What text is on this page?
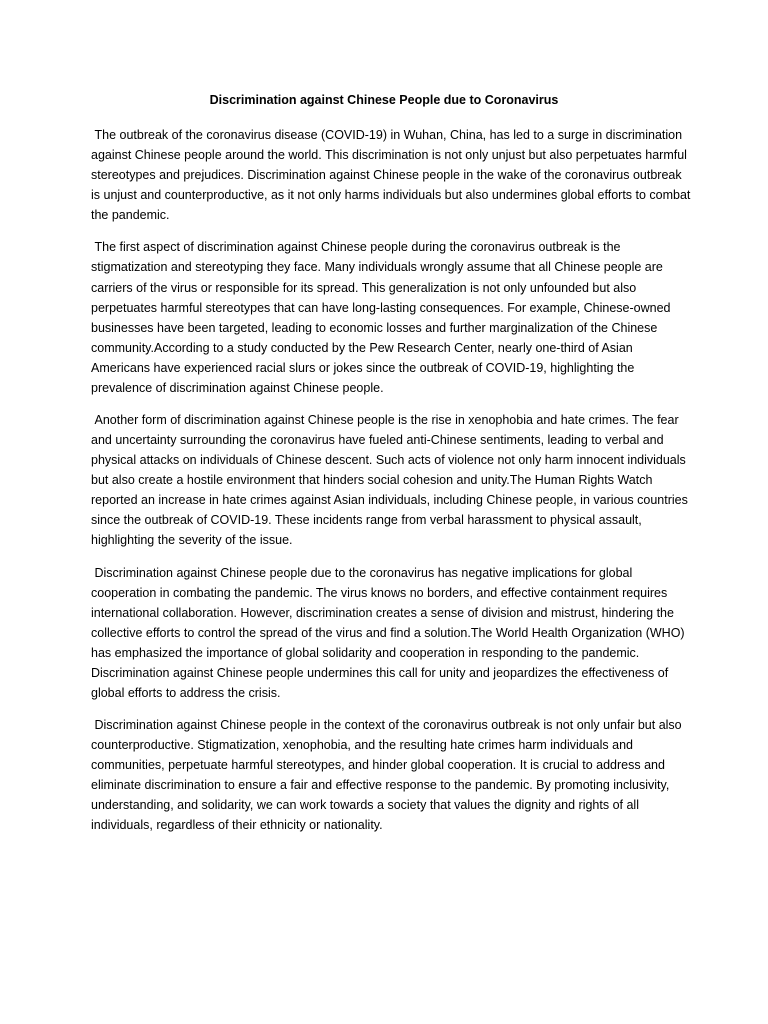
Discrimination against Chinese People due to Coronavirus

The outbreak of the coronavirus disease (COVID-19) in Wuhan, China, has led to a surge in discrimination against Chinese people around the world. This discrimination is not only unjust but also perpetuates harmful stereotypes and prejudices. Discrimination against Chinese people in the wake of the coronavirus outbreak is unjust and counterproductive, as it not only harms individuals but also undermines global efforts to combat the pandemic.

The first aspect of discrimination against Chinese people during the coronavirus outbreak is the stigmatization and stereotyping they face. Many individuals wrongly assume that all Chinese people are carriers of the virus or responsible for its spread. This generalization is not only unfounded but also perpetuates harmful stereotypes that can have long-lasting consequences. For example, Chinese-owned businesses have been targeted, leading to economic losses and further marginalization of the Chinese community.According to a study conducted by the Pew Research Center, nearly one-third of Asian Americans have experienced racial slurs or jokes since the outbreak of COVID-19, highlighting the prevalence of discrimination against Chinese people.

Another form of discrimination against Chinese people is the rise in xenophobia and hate crimes. The fear and uncertainty surrounding the coronavirus have fueled anti-Chinese sentiments, leading to verbal and physical attacks on individuals of Chinese descent. Such acts of violence not only harm innocent individuals but also create a hostile environment that hinders social cohesion and unity.The Human Rights Watch reported an increase in hate crimes against Asian individuals, including Chinese people, in various countries since the outbreak of COVID-19. These incidents range from verbal harassment to physical assault, highlighting the severity of the issue.

Discrimination against Chinese people due to the coronavirus has negative implications for global cooperation in combating the pandemic. The virus knows no borders, and effective containment requires international collaboration. However, discrimination creates a sense of division and mistrust, hindering the collective efforts to control the spread of the virus and find a solution.The World Health Organization (WHO) has emphasized the importance of global solidarity and cooperation in responding to the pandemic. Discrimination against Chinese people undermines this call for unity and jeopardizes the effectiveness of global efforts to address the crisis.

Discrimination against Chinese people in the context of the coronavirus outbreak is not only unfair but also counterproductive. Stigmatization, xenophobia, and the resulting hate crimes harm individuals and communities, perpetuate harmful stereotypes, and hinder global cooperation. It is crucial to address and eliminate discrimination to ensure a fair and effective response to the pandemic. By promoting inclusivity, understanding, and solidarity, we can work towards a society that values the dignity and rights of all individuals, regardless of their ethnicity or nationality.
